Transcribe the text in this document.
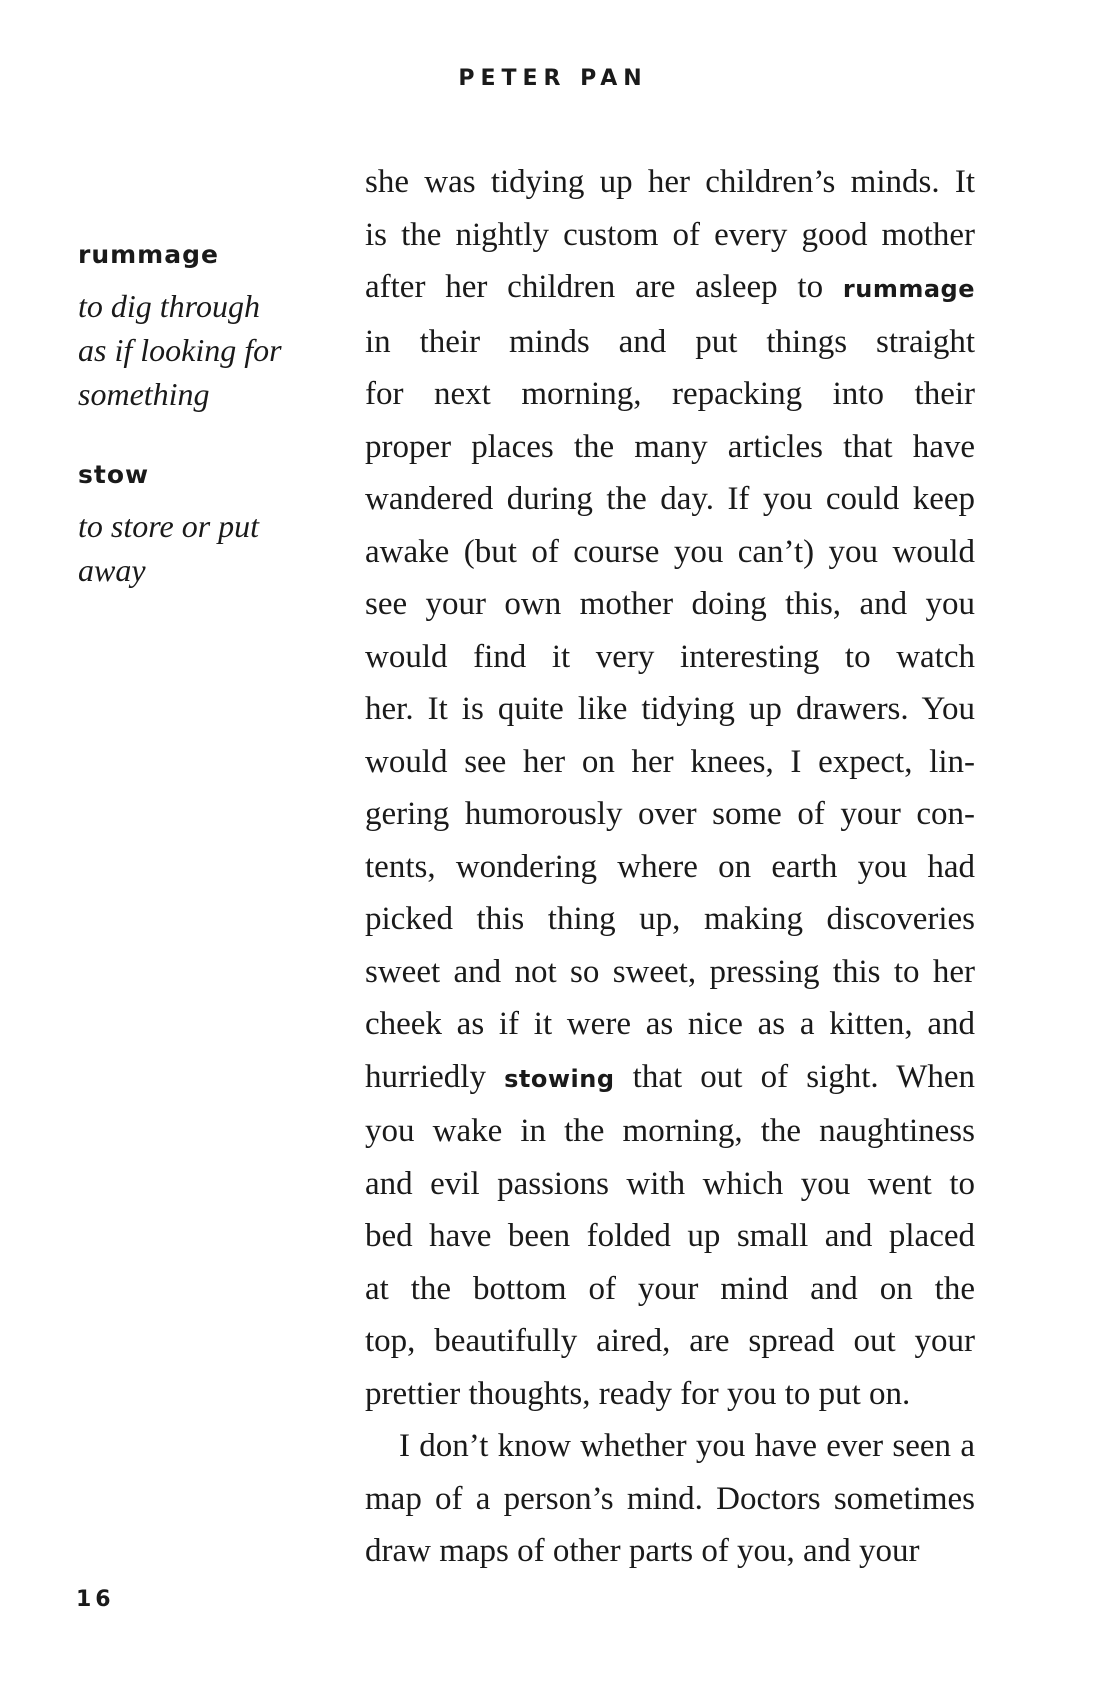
PETER PAN
rummage
to dig through
as if looking for
something
stow
to store or put
away
she was tidying up her children’s minds. It
is the nightly custom of every good mother
after her children are asleep to rummage
in their minds and put things straight
for next morning, repacking into their
proper places the many articles that have
wandered during the day. If you could keep
awake (but of course you can’t) you would
see your own mother doing this, and you
would find it very interesting to watch
her. It is quite like tidying up drawers. You
would see her on her knees, I expect, lin-
gering humorously over some of your con-
tents, wondering where on earth you had
picked this thing up, making discoveries
sweet and not so sweet, pressing this to her
cheek as if it were as nice as a kitten, and
hurriedly stowing that out of sight. When
you wake in the morning, the naughtiness
and evil passions with which you went to
bed have been folded up small and placed
at the bottom of your mind and on the
top, beautifully aired, are spread out your
prettier thoughts, ready for you to put on.
I don’t know whether you have ever seen a
map of a person’s mind. Doctors sometimes
draw maps of other parts of you, and your
16
